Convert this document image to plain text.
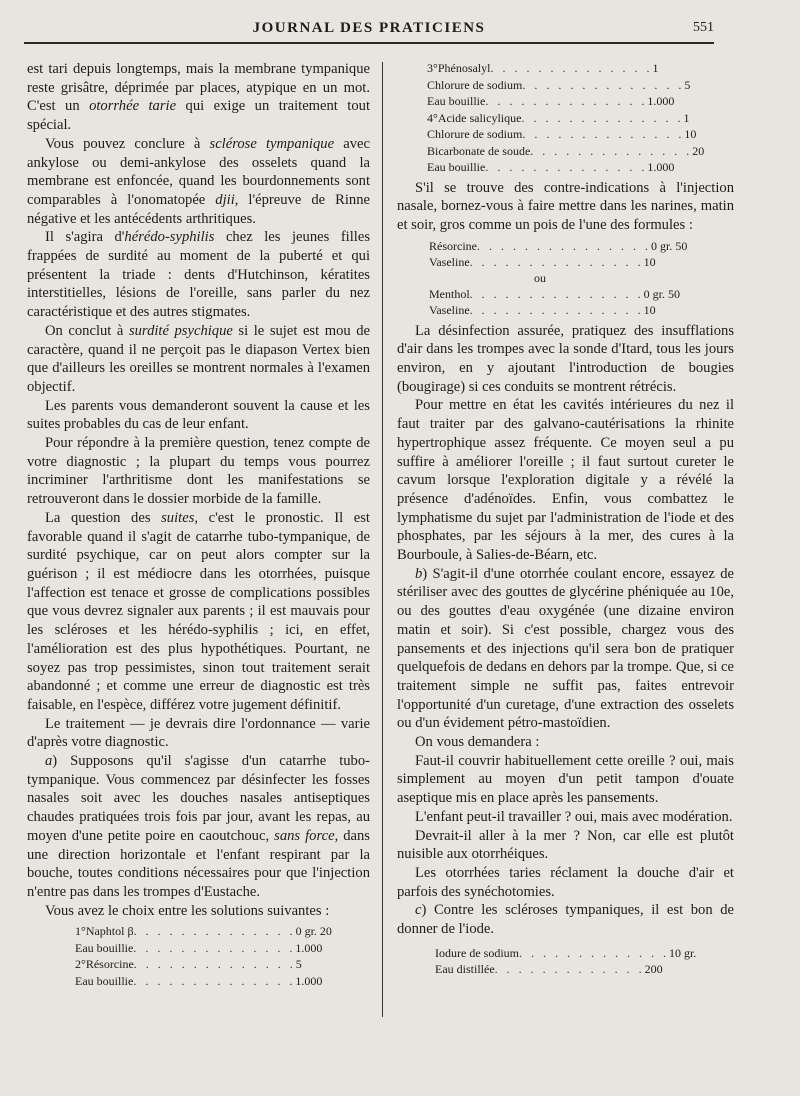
JOURNAL DES PRATICIENS	551

est tari depuis longtemps, mais la membrane tympanique reste grisâtre, déprimée par places, atypique en un mot. C'est un otorrhée tarie qui exige un traitement tout spécial.

Vous pouvez conclure à sclérose tympanique avec ankylose ou demi-ankylose des osselets quand la membrane est enfoncée, quand les bourdonnements sont comparables à l'onomatopée djii, l'épreuve de Rinne négative et les antécédents arthritiques.

Il s'agira d'hérédo-syphilis chez les jeunes filles frappées de surdité au moment de la puberté et qui présentent la triade : dents d'Hutchinson, kératites interstitielles, lésions de l'oreille, sans parler du nez caractéristique et des autres stigmates.

On conclut à surdité psychique si le sujet est mou de caractère, quand il ne perçoit pas le diapason Vertex bien que d'ailleurs les oreilles se montrent normales à l'examen objectif.

Les parents vous demanderont souvent la cause et les suites probables du cas de leur enfant.

Pour répondre à la première question, tenez compte de votre diagnostic ; la plupart du temps vous pourrez incriminer l'arthritisme dont les manifestations se retrouveront dans le dossier morbide de la famille.

La question des suites, c'est le pronostic. Il est favorable quand il s'agit de catarrhe tubo-tympanique, de surdité psychique, car on peut alors compter sur la guérison ; il est médiocre dans les otorrhées, puisque l'affection est tenace et grosse de complications possibles que vous devrez signaler aux parents ; il est mauvais pour les scléroses et les hérédo-syphilis ; ici, en effet, l'amélioration est des plus hypothétiques. Pourtant, ne soyez pas trop pessimistes, sinon tout traitement serait abandonné ; et comme une erreur de diagnostic est très faisable, en l'espèce, différez votre jugement définitif.

Le traitement — je devrais dire l'ordonnance — varie d'après votre diagnostic.

a) Supposons qu'il s'agisse d'un catarrhe tubo-tympanique. Vous commencez par désinfecter les fosses nasales soit avec les douches nasales antiseptiques chaudes pratiquées trois fois par jour, avant les repas, au moyen d'une petite poire en caoutchouc, sans force, dans une direction horizontale et l'enfant respirant par la bouche, toutes conditions nécessaires pour que l'injection n'entre pas dans les trompes d'Eustache.

Vous avez le choix entre les solutions suivantes :

1° Naphtol β . . . . . . . . . . . . . . 0 gr. 20
Eau bouillie . . . . . . . . . . . . . . 1.000
2° Résorcine . . . . . . . . . . . . . . 5
Eau bouillie . . . . . . . . . . . . . . 1.000
3° Phénosalyl . . . . . . . . . . . . . . 1
Chlorure de sodium . . . . . . . . . . . . . . 5
Eau bouillie . . . . . . . . . . . . . . 1.000
4° Acide salicylique . . . . . . . . . . . . . . 1
Chlorure de sodium . . . . . . . . . . . . . . 10
Bicarbonate de soude . . . . . . . . . . . . . . 20
Eau bouillie . . . . . . . . . . . . . . 1.000

S'il se trouve des contre-indications à l'injection nasale, bornez-vous à faire mettre dans les narines, matin et soir, gros comme un pois de l'une des formules :

Résorcine . . . . . . . . . . . . . . . 0 gr. 50
Vaseline . . . . . . . . . . . . . . . 10
ou
Menthol . . . . . . . . . . . . . . . 0 gr. 50
Vaseline . . . . . . . . . . . . . . . 10

La désinfection assurée, pratiquez des insufflations d'air dans les trompes avec la sonde d'Itard, tous les jours environ, en y ajoutant l'introduction de bougies (bougirage) si ces conduits se montrent rétrécis.

Pour mettre en état les cavités intérieures du nez il faut traiter par des galvano-cautérisations la rhinite hypertrophique assez fréquente. Ce moyen seul a pu suffire à améliorer l'oreille ; il faut surtout cureter le cavum lorsque l'exploration digitale y a révélé la présence d'adénoïdes. Enfin, vous combattez le lymphatisme du sujet par l'administration de l'iode et des phosphates, par les séjours à la mer, des cures à la Bourboule, à Salies-de-Béarn, etc.

b) S'agit-il d'une otorrhée coulant encore, essayez de stériliser avec des gouttes de glycérine phéniquée au 10e, ou des gouttes d'eau oxygénée (une dizaine environ matin et soir). Si c'est possible, chargez vous des pansements et des injections qu'il sera bon de pratiquer quelquefois de dedans en dehors par la trompe. Que, si ce traitement simple ne suffit pas, faites entrevoir l'opportunité d'un curetage, d'une extraction des osselets ou d'un évidement pétro-mastoïdien.

On vous demandera :

Faut-il couvrir habituellement cette oreille ? oui, mais simplement au moyen d'un petit tampon d'ouate aseptique mis en place après les pansements.

L'enfant peut-il travailler ? oui, mais avec modération.

Devrait-il aller à la mer ? Non, car elle est plutôt nuisible aux otorrhéiques.

Les otorrhées taries réclament la douche d'air et parfois des synéchotomies.

c) Contre les scléroses tympaniques, il est bon de donner de l'iode.

Iodure de sodium . . . . . . . . . . . . . 10 gr.
Eau distillée . . . . . . . . . . . . . 200
